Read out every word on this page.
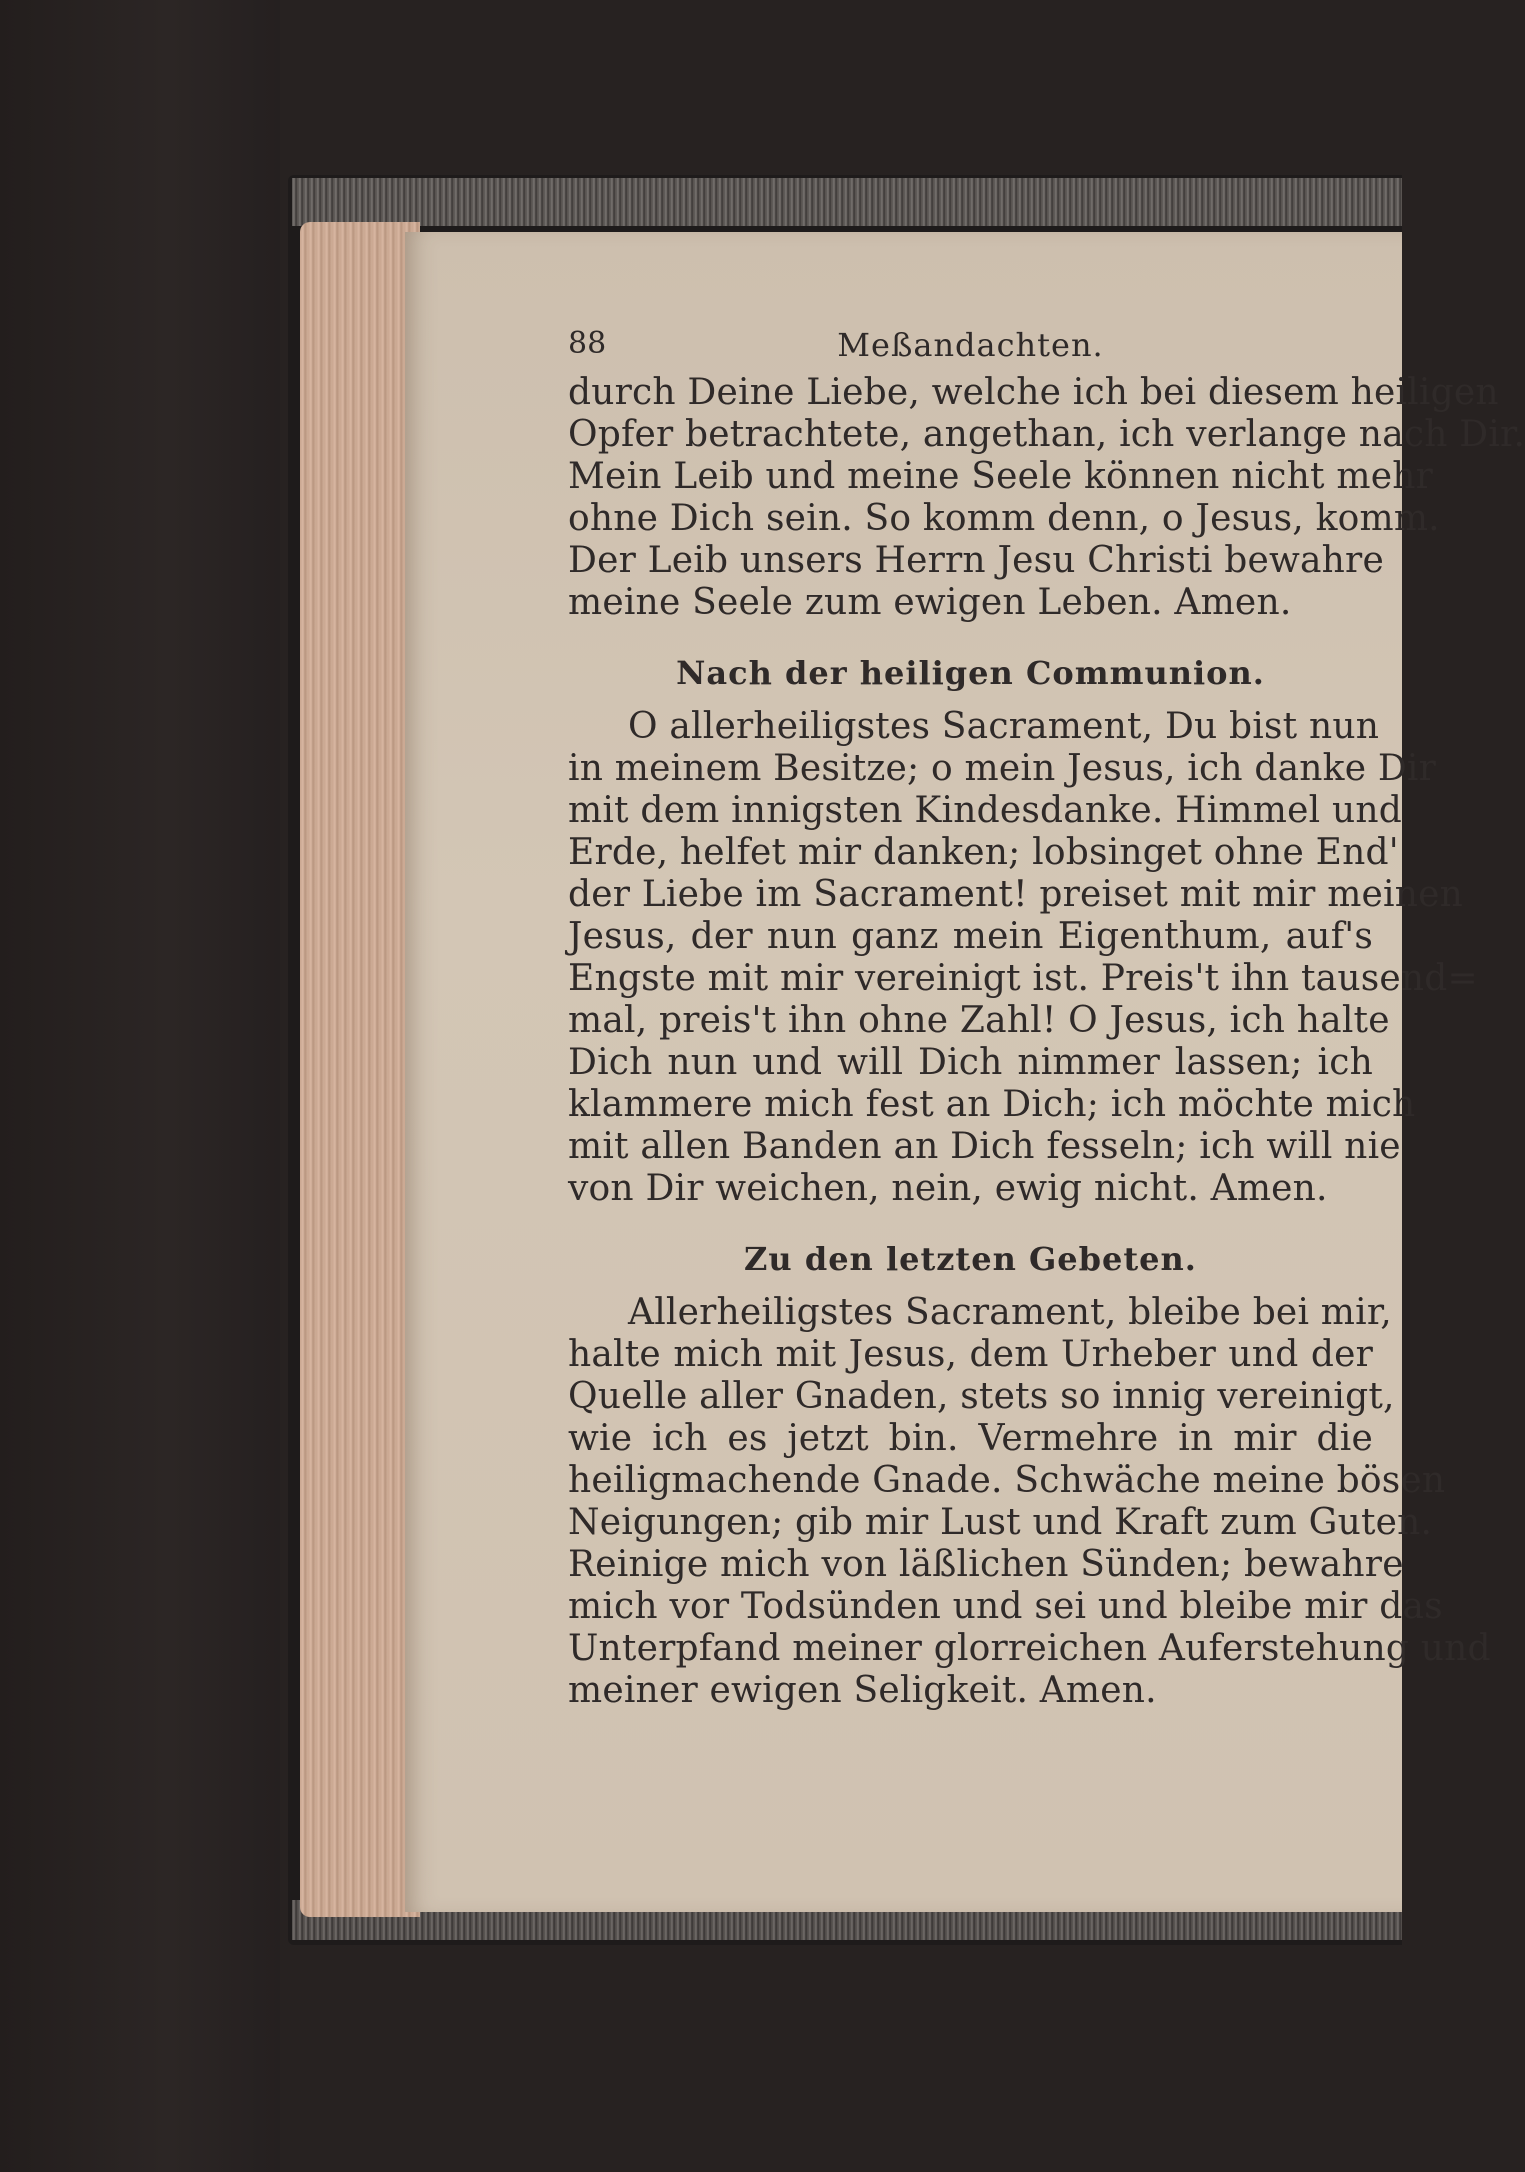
88	Meßandachten.

durch Deine Liebe, welche ich bei diesem heiligen
Opfer betrachtete, angethan, ich verlange nach Dir.
Mein Leib und meine Seele können nicht mehr
ohne Dich sein. So komm denn, o Jesus, komm.
Der Leib unsers Herrn Jesu Christi bewahre
meine Seele zum ewigen Leben. Amen.

Nach der heiligen Communion.

O allerheiligstes Sacrament, Du bist nun
in meinem Besitze; o mein Jesus, ich danke Dir
mit dem innigsten Kindesdanke. Himmel und
Erde, helfet mir danken; lobsinget ohne End'
der Liebe im Sacrament! preiset mit mir meinen
Jesus, der nun ganz mein Eigenthum, auf's
Engste mit mir vereinigt ist. Preis't ihn tausend=
mal, preis't ihn ohne Zahl! O Jesus, ich halte
Dich nun und will Dich nimmer lassen; ich
klammere mich fest an Dich; ich möchte mich
mit allen Banden an Dich fesseln; ich will nie
von Dir weichen, nein, ewig nicht. Amen.

Zu den letzten Gebeten.

Allerheiligstes Sacrament, bleibe bei mir,
halte mich mit Jesus, dem Urheber und der
Quelle aller Gnaden, stets so innig vereinigt,
wie ich es jetzt bin. Vermehre in mir die
heiligmachende Gnade. Schwäche meine bösen
Neigungen; gib mir Lust und Kraft zum Guten.
Reinige mich von läßlichen Sünden; bewahre
mich vor Todsünden und sei und bleibe mir das
Unterpfand meiner glorreichen Auferstehung und
meiner ewigen Seligkeit. Amen.
